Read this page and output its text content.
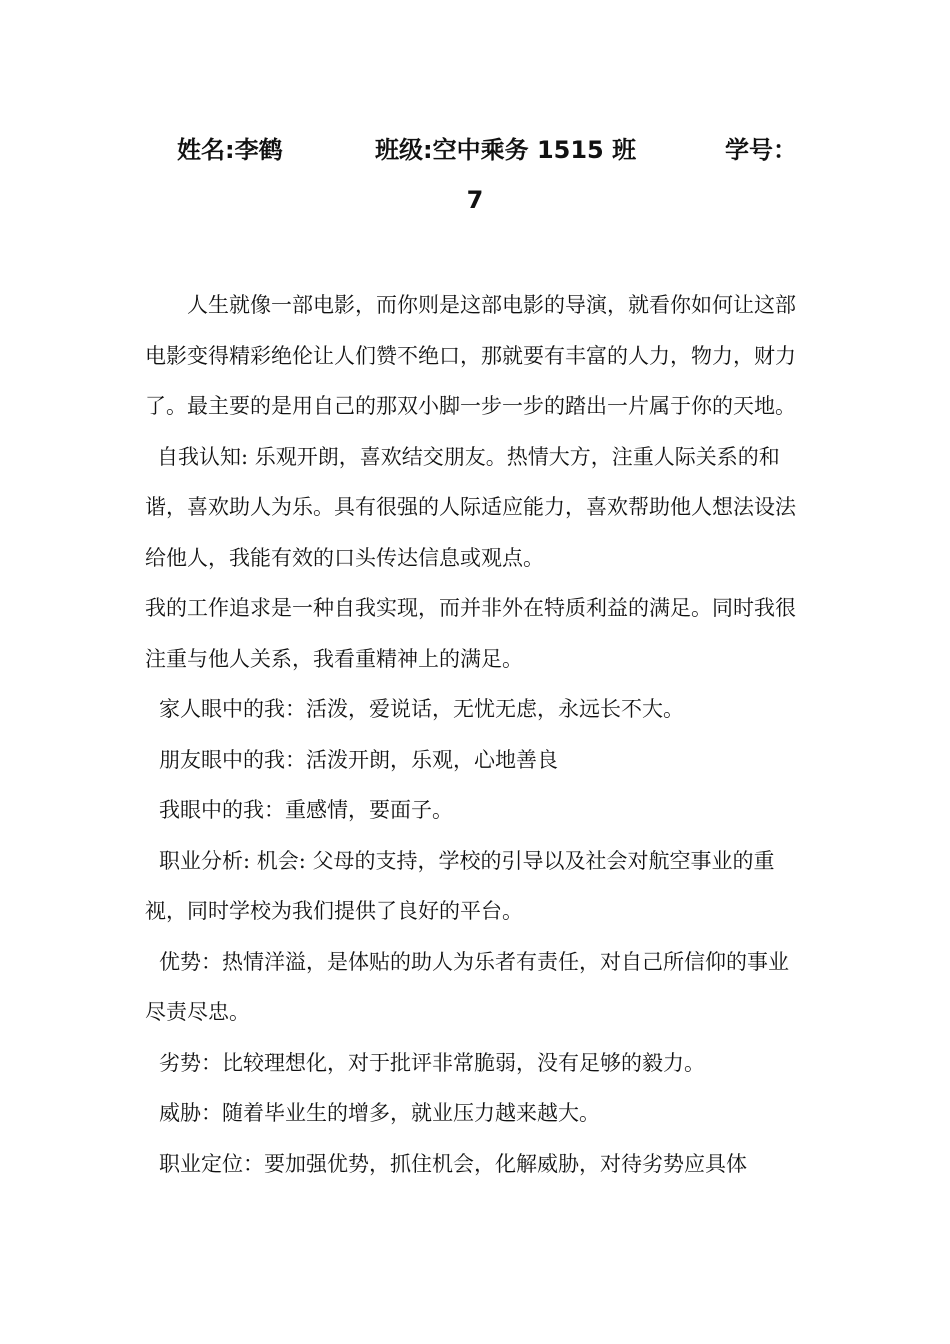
姓名:李鹤	班级:空中乘务 1515 班	学号：
7

人生就像一部电影，而你则是这部电影的导演，就看你如何让这部电影变得精彩绝伦让人们赞不绝口，那就要有丰富的人力，物力，财力了。最主要的是用自己的那双小脚一步一步的踏出一片属于你的天地。

自我认知: 乐观开朗，喜欢结交朋友。热情大方，注重人际关系的和谐，喜欢助人为乐。具有很强的人际适应能力，喜欢帮助他人想法设法给他人，我能有效的口头传达信息或观点。

我的工作追求是一种自我实现，而并非外在特质利益的满足。同时我很注重与他人关系，我看重精神上的满足。

家人眼中的我：活泼，爱说话，无忧无虑，永远长不大。

朋友眼中的我：活泼开朗，乐观，心地善良

我眼中的我：重感情，要面子。

职业分析: 机会: 父母的支持，学校的引导以及社会对航空事业的重视，同时学校为我们提供了良好的平台。

优势：热情洋溢，是体贴的助人为乐者有责任，对自己所信仰的事业尽责尽忠。

劣势：比较理想化，对于批评非常脆弱，没有足够的毅力。

威胁：随着毕业生的增多，就业压力越来越大。

职业定位：要加强优势，抓住机会，化解威胁，对待劣势应具体
